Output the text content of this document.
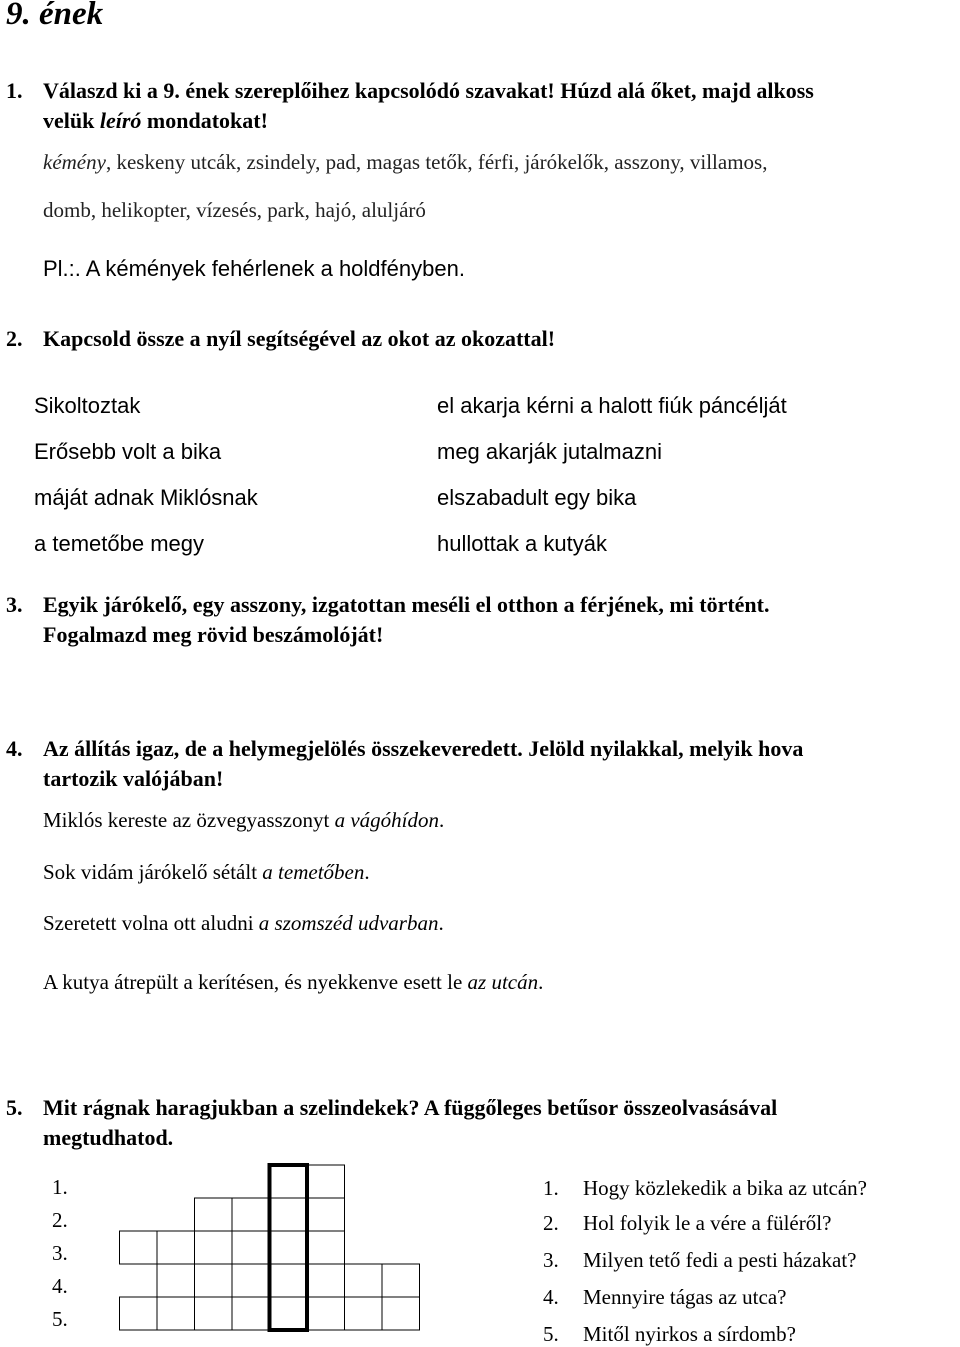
9. ének
1. Válaszd ki a 9. ének szereplőihez kapcsolódó szavakat! Húzd alá őket, majd alkoss
velük leíró mondatokat!
kémény, keskeny utcák, zsindely, pad, magas tetők, férfi, járókelők, asszony, villamos,
domb, helikopter, vízesés, park, hajó, aluljáró
Pl.:. A kémények fehérlenek a holdfényben.
2. Kapcsold össze a nyíl segítségével az okot az okozattal!
Sikoltoztak
Erősebb volt a bika
máját adnak Miklósnak
a temetőbe megy
el akarja kérni a halott fiúk páncélját
meg akarják jutalmazni
elszabadult egy bika
hullottak a kutyák
3. Egyik járókelő, egy asszony, izgatottan meséli el otthon a férjének, mi történt.
Fogalmazd meg rövid beszámolóját!
4. Az állítás igaz, de a helymegjelölés összekeveredett. Jelöld nyilakkal, melyik hova
tartozik valójában!
Miklós kereste az özvegyasszonyt a vágóhídon.
Sok vidám járókelő sétált a temetőben.
Szeretett volna ott aludni a szomszéd udvarban.
A kutya átrepült a kerítésen, és nyekkenve esett le az utcán.
5. Mit rágnak haragjukban a szelindekek? A függőleges betűsor összeolvasásával
megtudhatod.
1.
2.
3.
4.
5.
1. Hogy közlekedik a bika az utcán?
2. Hol folyik le a vére a füléről?
3. Milyen tető fedi a pesti házakat?
4. Mennyire tágas az utca?
5. Mitől nyirkos a sírdomb?
